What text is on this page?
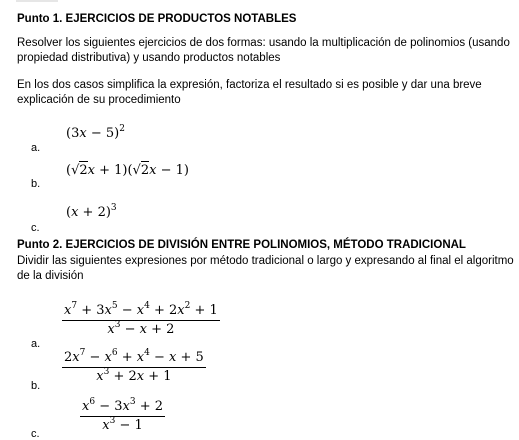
Punto 1. EJERCICIOS DE PRODUCTOS NOTABLES
Resolver los siguientes ejercicios de dos formas: usando la multiplicación de polinomios (usando
propiedad distributiva) y usando productos notables
En los dos casos simplifica la expresión, factoriza el resultado si es posible y dar una breve
explicación de su procedimiento
a.
$(3x - 5)^2$
b.
(√2x + 1)(√2x − 1)
c.
$(x + 2)^3$
Punto 2. EJERCICIOS DE DIVISIÓN ENTRE POLINOMIOS, MÉTODO TRADICIONAL
Dividir las siguientes expresiones por método tradicional o largo y expresando al final el algoritmo
de la división
a.
$\frac{x^7 + 3x^5 - x^4 + 2x^2 + 1}{x^3 - x + 2}$
b.
$\frac{2x^7 - x^6 + x^4 - x + 5}{x^3 + 2x + 1}$
c.
$\frac{x^6 - 3x^3 + 2}{x^3 - 1}$
